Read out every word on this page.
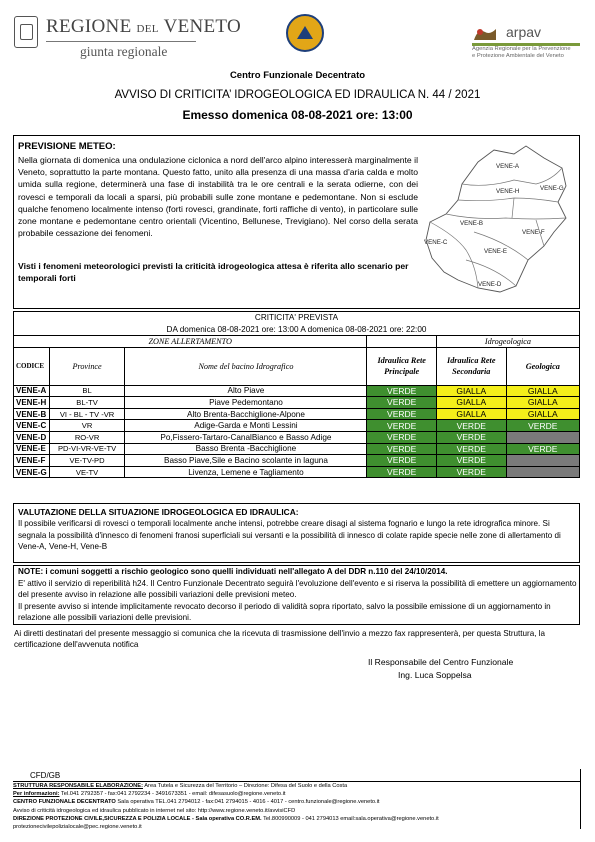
REGIONE DEL VENETO
giunta regionale
arpav
Agenzia Regionale per la Prevenzione
e Protezione Ambientale del Veneto
Centro Funzionale Decentrato
AVVISO DI CRITICITA’ IDROGEOLOGICA ED IDRAULICA N. 44 / 2021
Emesso domenica 08-08-2021 ore: 13:00
PREVISIONE METEO:
Nella giornata di domenica una ondulazione ciclonica a nord dell'arco alpino interesserà marginalmente il Veneto, soprattutto la parte montana. Questo fatto, unito alla presenza di una massa d'aria calda e molto umida sulla regione, determinerà una fase di instabilità tra le ore centrali e la serata odierne, con dei rovesci e temporali da locali a sparsi, più probabili sulle zone montane e pedemontane. Non si esclude qualche fenomeno localmente intenso (forti rovesci, grandinate, forti raffiche di vento), in particolare sulle zone montane e pedemontane centro orientali (Vicentino, Bellunese, Trevigiano). Nel corso della serata probabile cessazione dei fenomeni.
Visti i fenomeni meteorologici previsti la criticità idrogeologica attesa è riferita allo scenario per temporali forti
VENE-A
VENE-H	VENE-G
VENE-B
VENE-C
VENE-F
VENE-E
VENE-D
CRITICITA' PREVISTA					
DA domenica 08-08-2021 ore: 13:00 A domenica 08-08-2021 ore: 22:00					
ZONE ALLERTAMENTO				Idrogeologica	
CODICE	Province	Nome del bacino Idrografico	Idraulica Rete Principale	Idraulica Rete Secondaria	Geologica
VENE-A	BL	Alto Piave	VERDE	GIALLA	GIALLA
VENE-H	BL-TV	Piave Pedemontano	VERDE	GIALLA	GIALLA
VENE-B	VI - BL - TV -VR	Alto Brenta-Bacchiglione-Alpone	VERDE	GIALLA	GIALLA
VENE-C	VR	Adige-Garda e Monti Lessini	VERDE	VERDE	VERDE
VENE-D	RO-VR	Po,Fissero-Tartaro-CanalBianco e Basso Adige	VERDE	VERDE	
VENE-E	PD-VI-VR-VE-TV	Basso Brenta -Bacchiglione	VERDE	VERDE	VERDE
VENE-F	VE-TV-PD	Basso Piave,Sile e Bacino scolante in laguna	VERDE	VERDE	
VENE-G	VE-TV	Livenza, Lemene e Tagliamento	VERDE	VERDE	
VALUTAZIONE DELLA SITUAZIONE IDROGEOLOGICA ED IDRAULICA:
Il possibile verificarsi di rovesci o temporali localmente anche intensi, potrebbe creare disagi al sistema fognario e lungo la rete idrografica minore. Si segnala la possibilità d'innesco di fenomeni franosi superficiali sui versanti e la possibilità di innesco di colate rapide specie nelle zone di allertamento di Vene-A, Vene-H, Vene-B
NOTE: i comuni soggetti a rischio geologico sono quelli individuati nell'allegato A del DDR n.110 del 24/10/2014.
E' attivo il servizio di reperibilità h24. Il Centro Funzionale Decentrato seguirà l'evoluzione dell'evento e si riserva la possibilità di emettere un aggiornamento del presente avviso in relazione alle possibili variazioni delle previsioni meteo.
Il presente avviso si intende implicitamente revocato decorso il periodo di validità sopra riportato, salvo la possibile emissione di un aggiornamento in relazione alle possibili variazioni delle previsioni.
Ai diretti destinatari del presente messaggio si comunica che la ricevuta di trasmissione dell'invio a mezzo fax rappresenterà, per questa Struttura, la certificazione dell'avvenuta notifica
Il Responsabile del Centro Funzionale
Ing. Luca Soppelsa
CFD/GB
STRUTTURA RESPONSABILE ELABORAZIONE: Area Tutela e Sicurezza del Territorio – Direzione: Difesa del Suolo e della Costa
Per informazioni: Tel.041 2792357 - fax:041 2792234 - 3491673351 - email: difesasuolo@regione.veneto.it
CENTRO FUNZIONALE DECENTRATO Sala operativa TEL.041 2794012 - fax:041 2794015 - 4016 - 4017 - centro.funzionale@regione.veneto.it
Avviso di criticità idrogeologica ed idraulica pubblicato in internet nel sito: http://www.regione.veneto.it/avvisiCFD
DIREZIONE PROTEZIONE CIVILE,SICUREZZA E POLIZIA LOCALE - Sala operativa CO.R.EM. Tel.800990009 - 041 2794013 email:sala.operativa@regione.veneto.it
protezionecivilepolizialocale@pec.regione.veneto.it
